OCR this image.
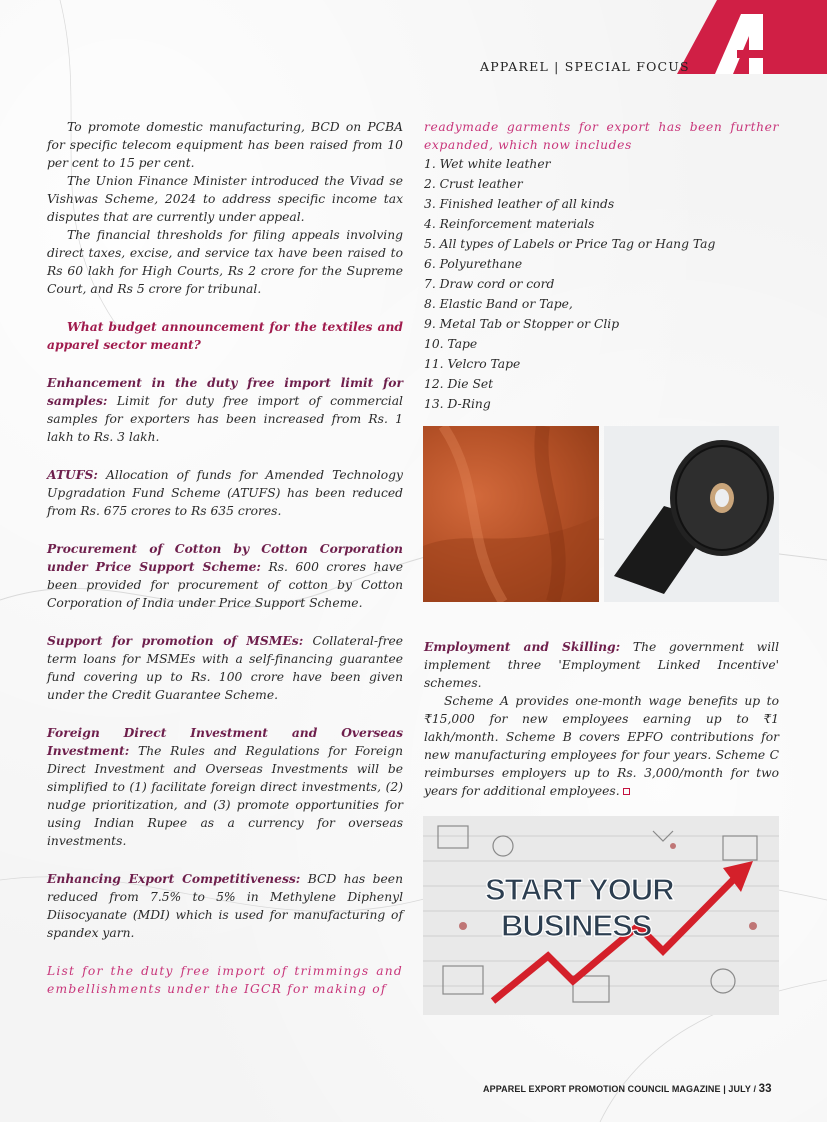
APPAREL | SPECIAL FOCUS

To promote domestic manufacturing, BCD on PCBA for specific telecom equipment has been raised from 10 per cent to 15 per cent.

The Union Finance Minister introduced the Vivad se Vishwas Scheme, 2024 to address specific income tax disputes that are currently under appeal.

The financial thresholds for filing appeals involving direct taxes, excise, and service tax have been raised to Rs 60 lakh for High Courts, Rs 2 crore for the Supreme Court, and Rs 5 crore for tribunal.

What budget announcement for the textiles and apparel sector meant?

Enhancement in the duty free import limit for samples: Limit for duty free import of commercial samples for exporters has been increased from Rs. 1 lakh to Rs. 3 lakh.

ATUFS: Allocation of funds for Amended Technology Upgradation Fund Scheme (ATUFS) has been reduced from Rs. 675 crores to Rs 635 crores.

Procurement of Cotton by Cotton Corporation under Price Support Scheme: Rs. 600 crores have been provided for procurement of cotton by Cotton Corporation of India under Price Support Scheme.

Support for promotion of MSMEs: Collateral-free term loans for MSMEs with a self-financing guarantee fund covering up to Rs. 100 crore have been given under the Credit Guarantee Scheme.

Foreign Direct Investment and Overseas Investment: The Rules and Regulations for Foreign Direct Investment and Overseas Investments will be simplified to (1) facilitate foreign direct investments, (2) nudge prioritization, and (3) promote opportunities for using Indian Rupee as a currency for overseas investments.

Enhancing Export Competitiveness: BCD has been reduced from 7.5% to 5% in Methylene Diphenyl Diisocyanate (MDI) which is used for manufacturing of spandex yarn.

List for the duty free import of trimmings and embellishments under the IGCR for making of

readymade garments for export has been further expanded, which now includes

1. Wet white leather
2. Crust leather
3. Finished leather of all kinds
4. Reinforcement materials
5. All types of Labels or Price Tag or Hang Tag
6. Polyurethane
7. Draw cord or cord
8. Elastic Band or Tape,
9. Metal Tab or Stopper or Clip
10. Tape
11. Velcro Tape
12. Die Set
13. D-Ring

Employment and Skilling: The government will implement three 'Employment Linked Incentive' schemes.

Scheme A provides one-month wage benefits up to ₹15,000 for new employees earning up to ₹1 lakh/month. Scheme B covers EPFO contributions for new manufacturing employees for four years. Scheme C reimburses employers up to Rs. 3,000/month for two years for additional employees.

START YOUR
BUSINESS
APPAREL EXPORT PROMOTION COUNCIL MAGAZINE | JULY / 33
